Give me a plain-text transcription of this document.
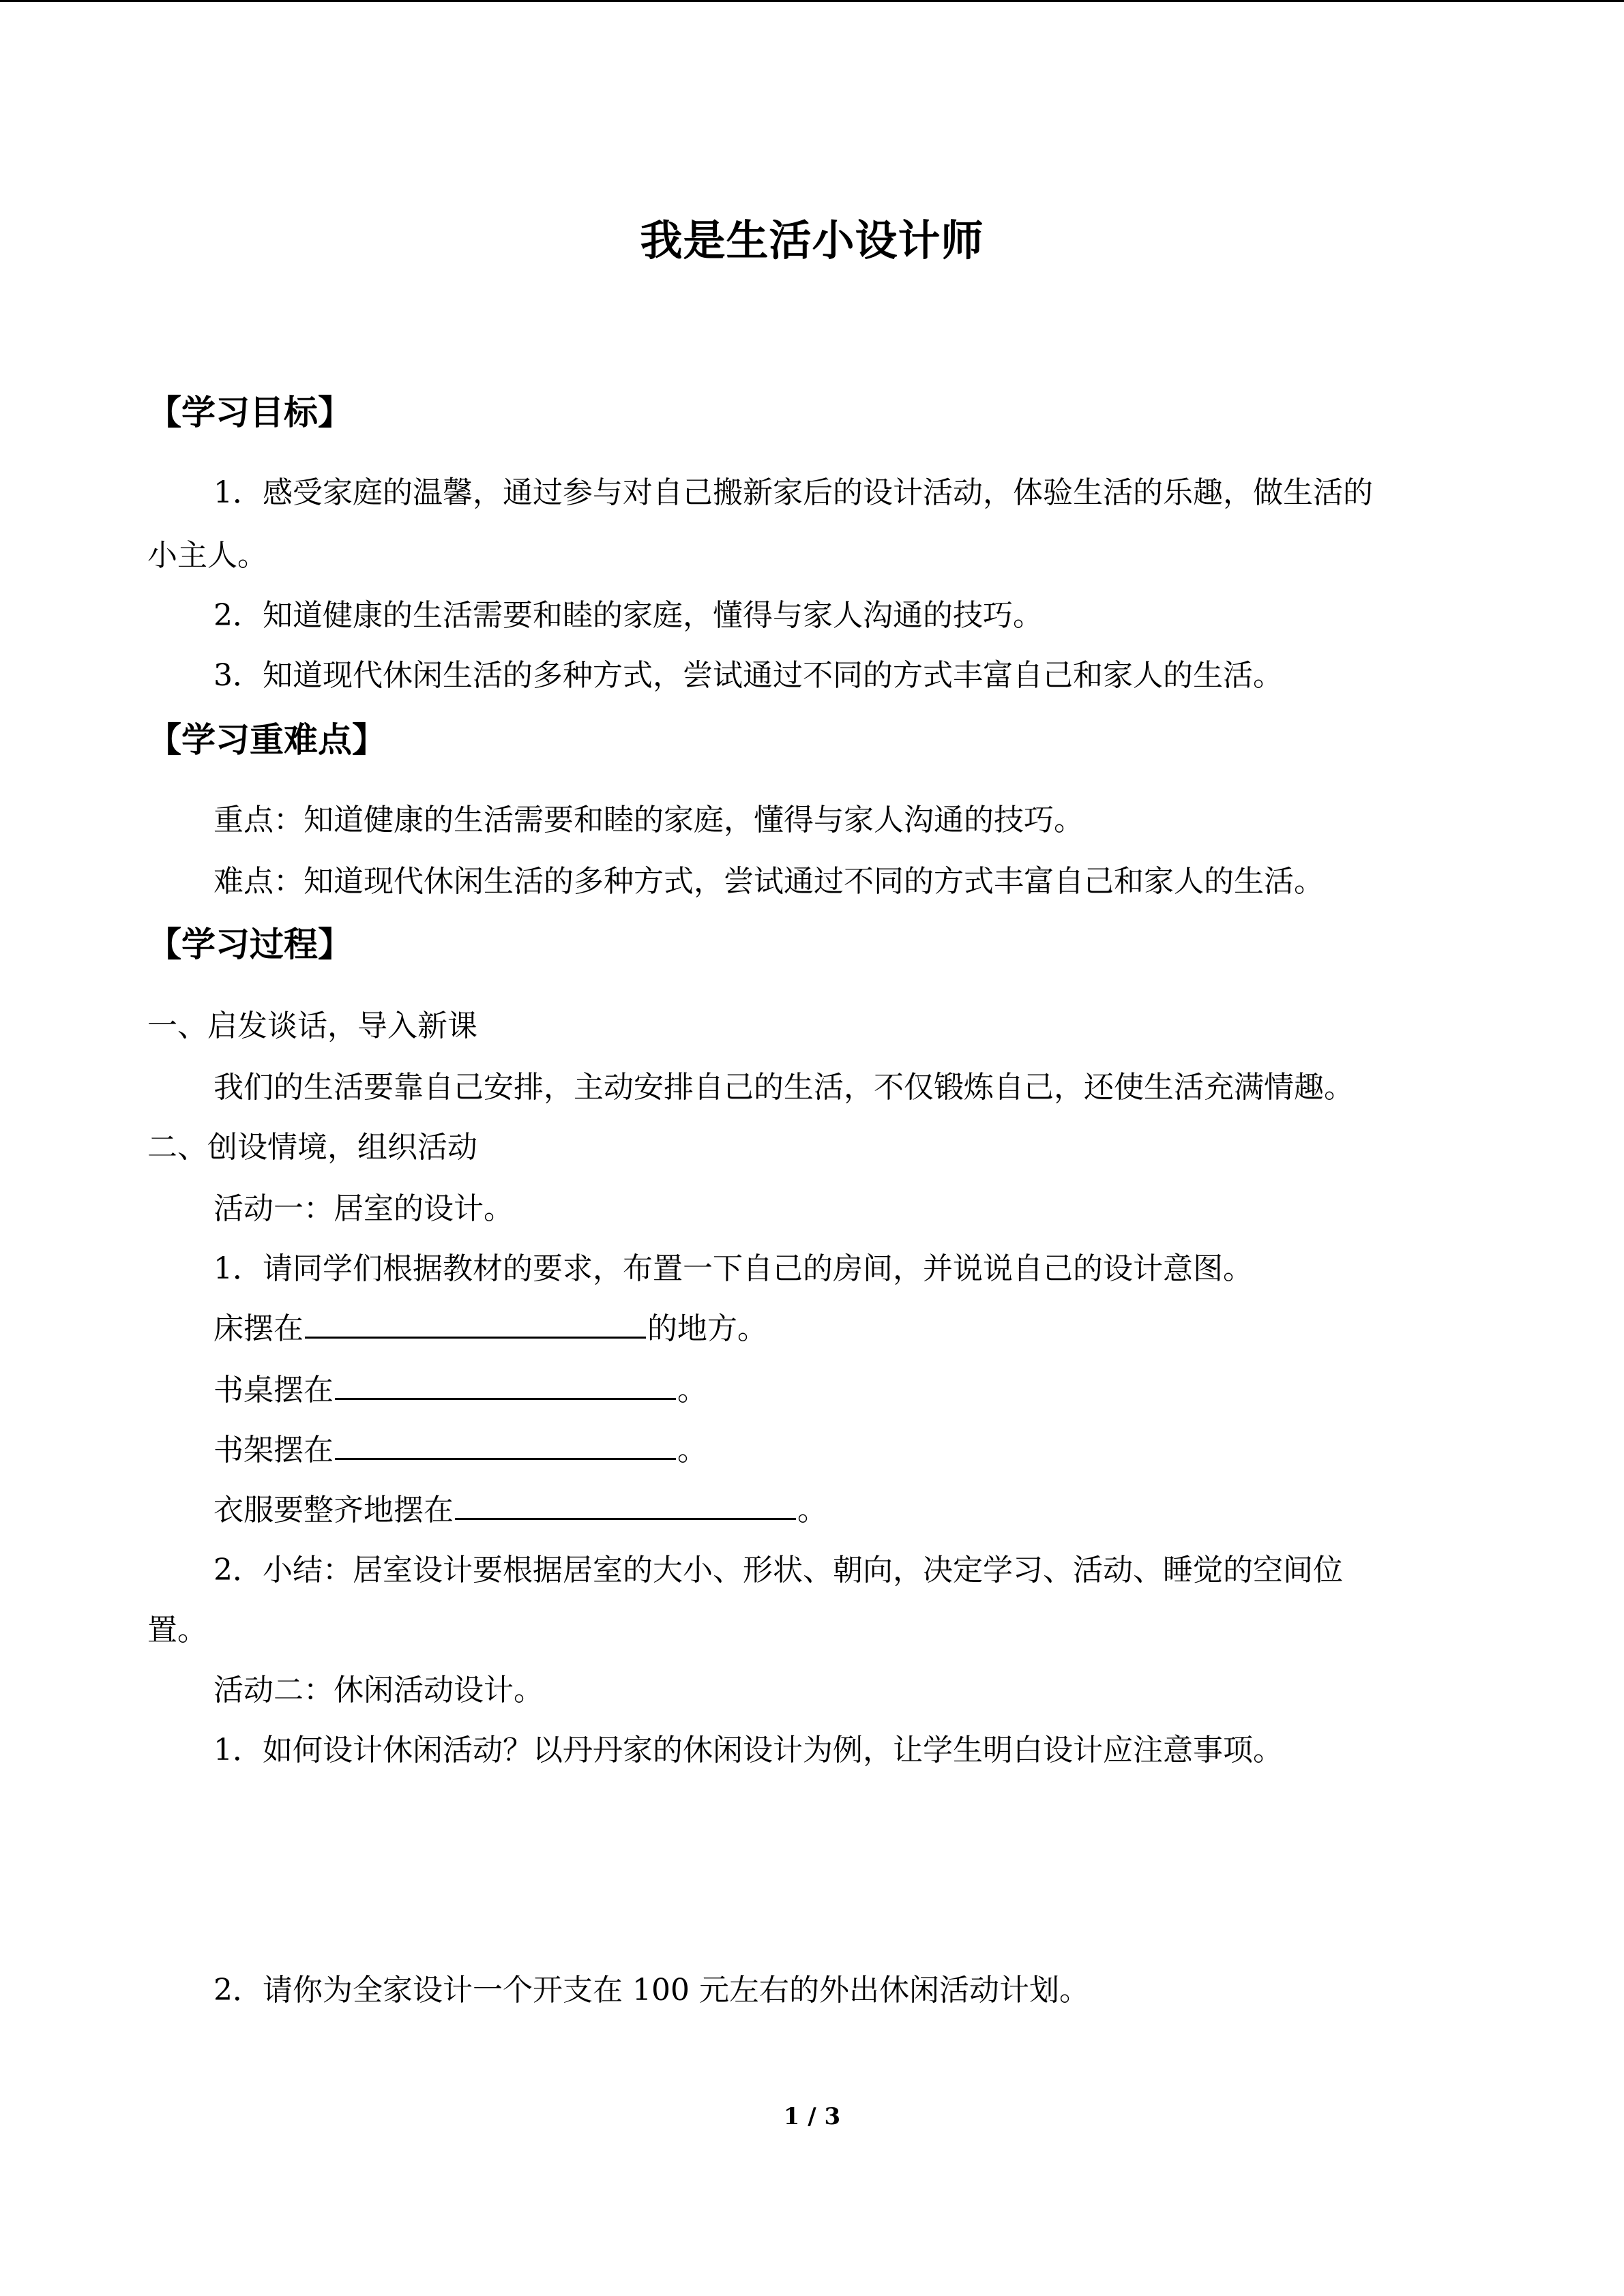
我是生活小设计师
【学习目标】
1．感受家庭的温馨，通过参与对自己搬新家后的设计活动，体验生活的乐趣，做生活的
小主人。
2．知道健康的生活需要和睦的家庭，懂得与家人沟通的技巧。
3．知道现代休闲生活的多种方式，尝试通过不同的方式丰富自己和家人的生活。
【学习重难点】
重点：知道健康的生活需要和睦的家庭，懂得与家人沟通的技巧。
难点：知道现代休闲生活的多种方式，尝试通过不同的方式丰富自己和家人的生活。
【学习过程】
一、启发谈话，导入新课
我们的生活要靠自己安排，主动安排自己的生活，不仅锻炼自己，还使生活充满情趣。
二、创设情境，组织活动
活动一：居室的设计。
1．请同学们根据教材的要求，布置一下自己的房间，并说说自己的设计意图。
床摆在	的地方。
书桌摆在	。
书架摆在	。
衣服要整齐地摆在	。
2．小结：居室设计要根据居室的大小、形状、朝向，决定学习、活动、睡觉的空间位
置。
活动二：休闲活动设计。
1．如何设计休闲活动？以丹丹家的休闲设计为例，让学生明白设计应注意事项。
2．请你为全家设计一个开支在 100 元左右的外出休闲活动计划。
1 / 3
